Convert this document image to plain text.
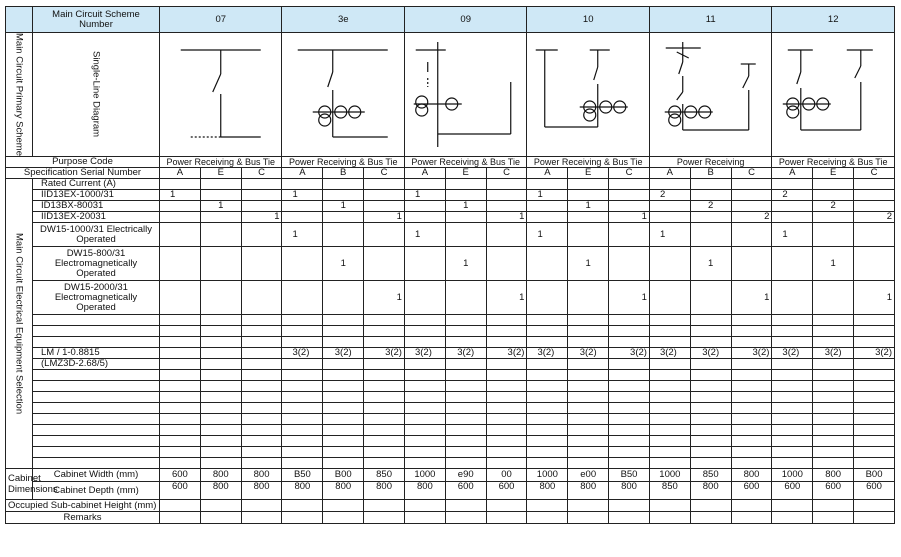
	Main Circuit Scheme Number	07			3e			09			10			11			12		
Main Circuit Primary Scheme	Single-Line Diagram	

Purpose Code		Power Receiving & Bus Tie			Power Receiving & Bus Tie			Power Receiving & Bus Tie			Power Receiving & Bus Tie			Power Receiving			Power Receiving & Bus Tie		
Specification Serial Number		A	E	C	A	B	C	A	E	C	A	E	C	A	B	C	A	E	C
Main Circuit Electrical Equipment Selection	Rated Current (A)																		
	IID13EX-1000/31	1			1			1			1			2			2		
	ID13BX-80031		1			1			1			1			2			2	
	IID13EX-20031			1			1			1			1			2			2
	DW15-1000/31 Electrically Operated				1			1			1			1			1		
	DW15-800/31 Electromagnetically Operated					1			1			1			1			1	
	DW15-2000/31 Electromagnetically Operated						1			1			1			1			1

	LM / 1-0.8815				3(2)	3(2)	3(2)	3(2)	3(2)	3(2)	3(2)	3(2)	3(2)	3(2)	3(2)	3(2)	3(2)	3(2)	3(2)
	(LMZ3D-2.68/5)																		

Cabinet Dimensions	Cabinet Width (mm)	600	800	800	B50	B00	850	1000	e90	00	1000	e00	B50	1000	850	800	1000	800	B00
	Cabinet Depth (mm)	600	800	800	800	800	800	800	600	600	800	800	800	850	800	600	600	600	600
Occupied Sub-cabinet Height (mm)																			
Remarks																			
